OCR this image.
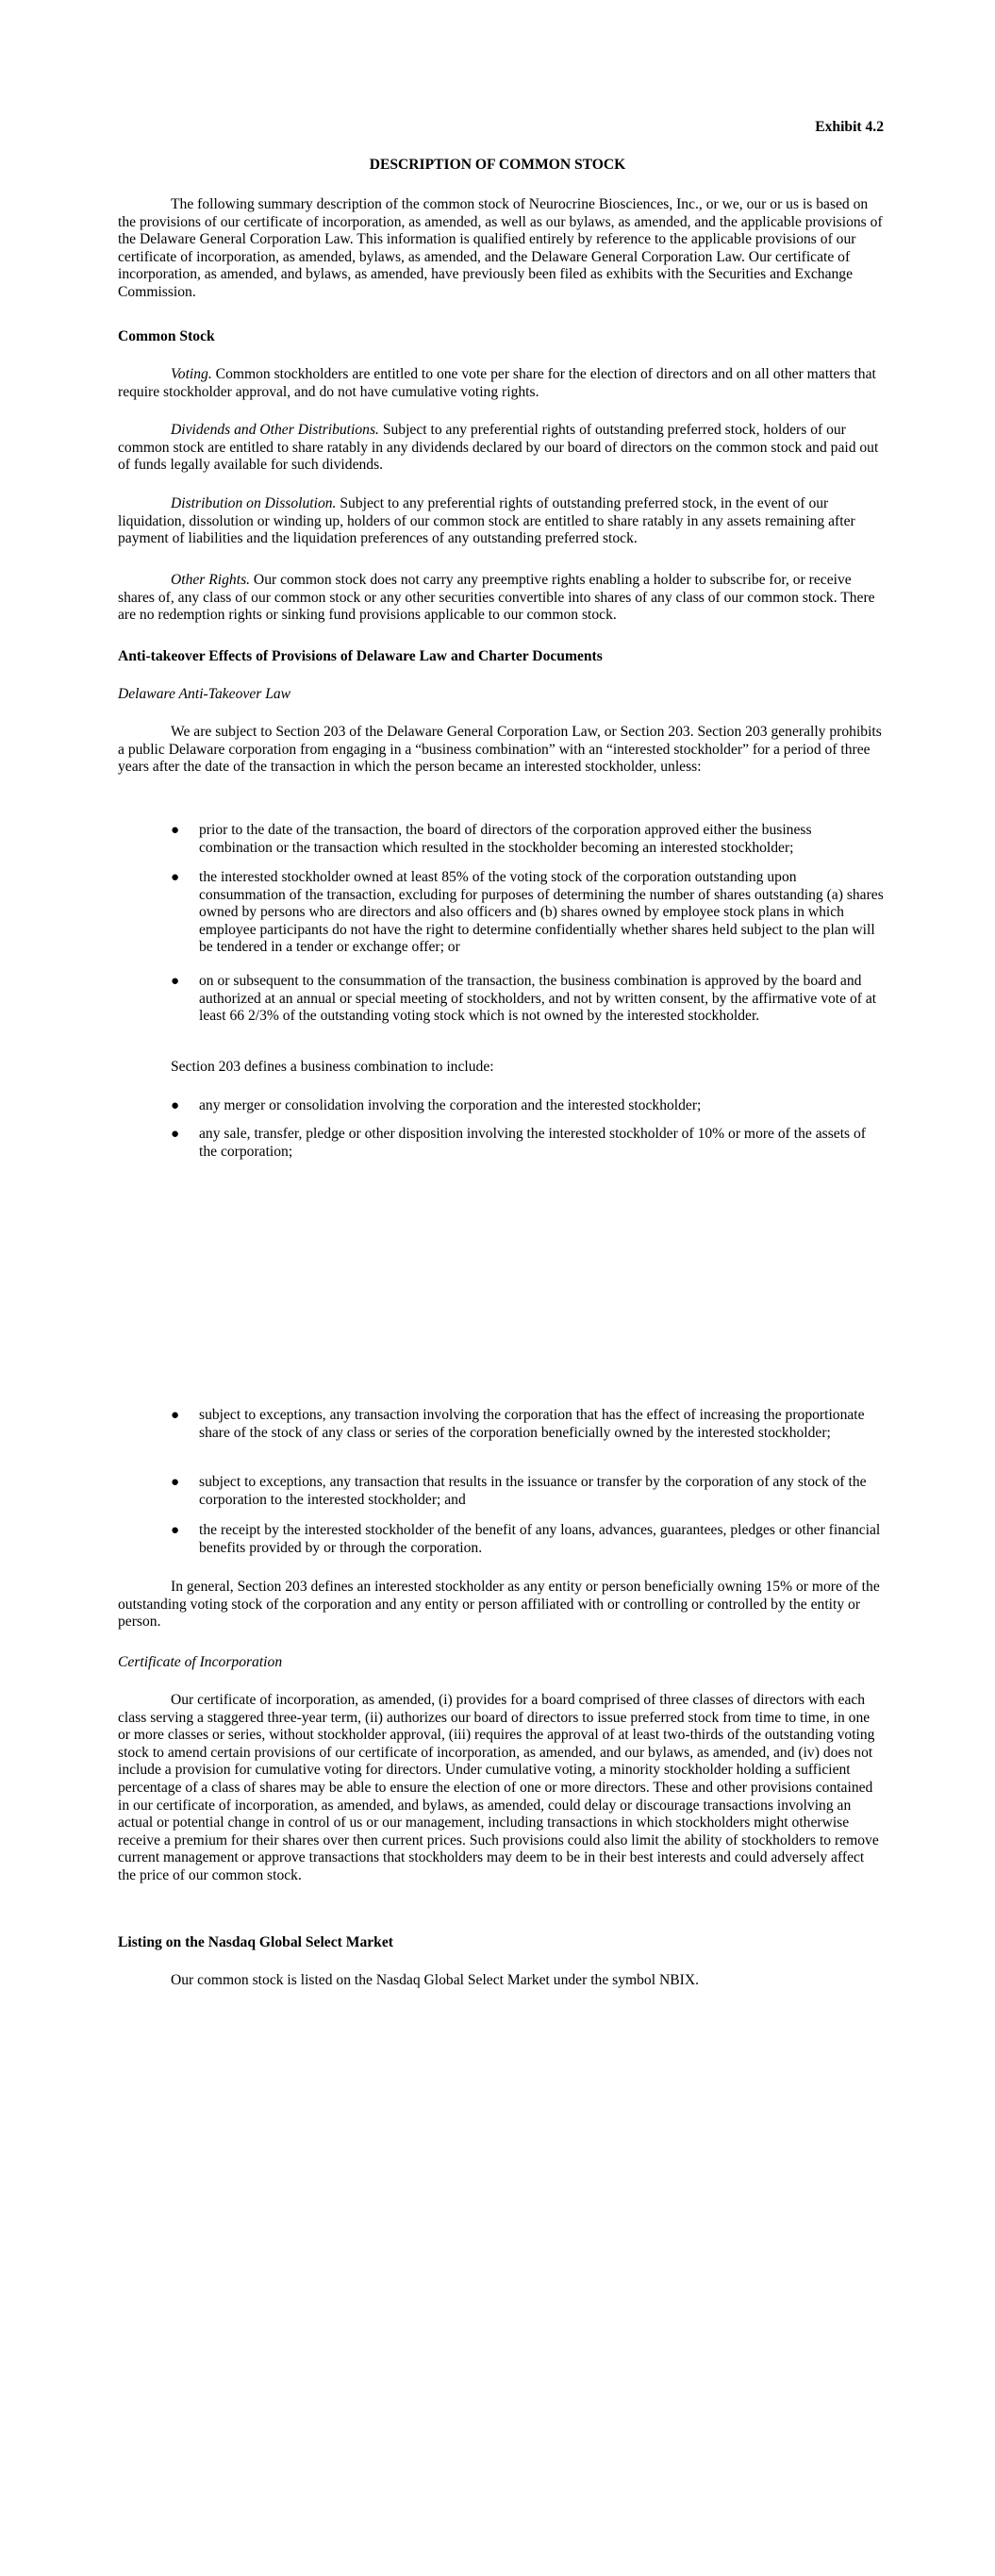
Exhibit 4.2

DESCRIPTION OF COMMON STOCK

The following summary description of the common stock of Neurocrine Biosciences, Inc., or we, our or us is based on the provisions of our certificate of incorporation, as amended, as well as our bylaws, as amended, and the applicable provisions of the Delaware General Corporation Law. This information is qualified entirely by reference to the applicable provisions of our certificate of incorporation, as amended, bylaws, as amended, and the Delaware General Corporation Law. Our certificate of incorporation, as amended, and bylaws, as amended, have previously been filed as exhibits with the Securities and Exchange Commission.

Common Stock

Voting. Common stockholders are entitled to one vote per share for the election of directors and on all other matters that require stockholder approval, and do not have cumulative voting rights.

Dividends and Other Distributions. Subject to any preferential rights of outstanding preferred stock, holders of our common stock are entitled to share ratably in any dividends declared by our board of directors on the common stock and paid out of funds legally available for such dividends.

Distribution on Dissolution. Subject to any preferential rights of outstanding preferred stock, in the event of our liquidation, dissolution or winding up, holders of our common stock are entitled to share ratably in any assets remaining after payment of liabilities and the liquidation preferences of any outstanding preferred stock.

Other Rights. Our common stock does not carry any preemptive rights enabling a holder to subscribe for, or receive shares of, any class of our common stock or any other securities convertible into shares of any class of our common stock. There are no redemption rights or sinking fund provisions applicable to our common stock.

Anti-takeover Effects of Provisions of Delaware Law and Charter Documents

Delaware Anti-Takeover Law

We are subject to Section 203 of the Delaware General Corporation Law, or Section 203. Section 203 generally prohibits a public Delaware corporation from engaging in a “business combination” with an “interested stockholder” for a period of three years after the date of the transaction in which the person became an interested stockholder, unless:

● prior to the date of the transaction, the board of directors of the corporation approved either the business combination or the transaction which resulted in the stockholder becoming an interested stockholder;
● the interested stockholder owned at least 85% of the voting stock of the corporation outstanding upon consummation of the transaction, excluding for purposes of determining the number of shares outstanding (a) shares owned by persons who are directors and also officers and (b) shares owned by employee stock plans in which employee participants do not have the right to determine confidentially whether shares held subject to the plan will be tendered in a tender or exchange offer; or
● on or subsequent to the consummation of the transaction, the business combination is approved by the board and authorized at an annual or special meeting of stockholders, and not by written consent, by the affirmative vote of at least 66 2/3% of the outstanding voting stock which is not owned by the interested stockholder.

Section 203 defines a business combination to include:

● any merger or consolidation involving the corporation and the interested stockholder;
● any sale, transfer, pledge or other disposition involving the interested stockholder of 10% or more of the assets of the corporation;
● subject to exceptions, any transaction involving the corporation that has the effect of increasing the proportionate share of the stock of any class or series of the corporation beneficially owned by the interested stockholder;
● subject to exceptions, any transaction that results in the issuance or transfer by the corporation of any stock of the corporation to the interested stockholder; and
● the receipt by the interested stockholder of the benefit of any loans, advances, guarantees, pledges or other financial benefits provided by or through the corporation.

In general, Section 203 defines an interested stockholder as any entity or person beneficially owning 15% or more of the outstanding voting stock of the corporation and any entity or person affiliated with or controlling or controlled by the entity or person.

Certificate of Incorporation

Our certificate of incorporation, as amended, (i) provides for a board comprised of three classes of directors with each class serving a staggered three-year term, (ii) authorizes our board of directors to issue preferred stock from time to time, in one or more classes or series, without stockholder approval, (iii) requires the approval of at least two-thirds of the outstanding voting stock to amend certain provisions of our certificate of incorporation, as amended, and our bylaws, as amended, and (iv) does not include a provision for cumulative voting for directors. Under cumulative voting, a minority stockholder holding a sufficient percentage of a class of shares may be able to ensure the election of one or more directors. These and other provisions contained in our certificate of incorporation, as amended, and bylaws, as amended, could delay or discourage transactions involving an actual or potential change in control of us or our management, including transactions in which stockholders might otherwise receive a premium for their shares over then current prices. Such provisions could also limit the ability of stockholders to remove current management or approve transactions that stockholders may deem to be in their best interests and could adversely affect the price of our common stock.

Listing on the Nasdaq Global Select Market

Our common stock is listed on the Nasdaq Global Select Market under the symbol NBIX.
